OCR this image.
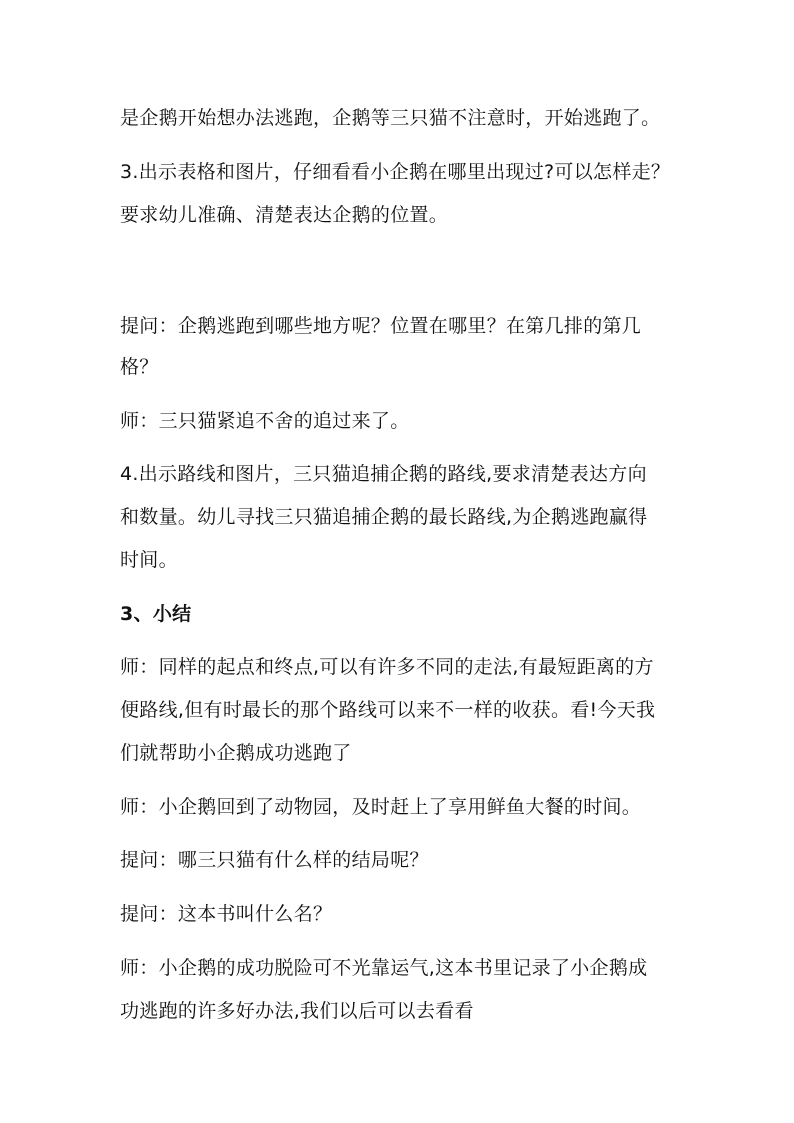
是企鹅开始想办法逃跑，企鹅等三只猫不注意时，开始逃跑了。
3.出示表格和图片，仔细看看小企鹅在哪里出现过?可以怎样走？
要求幼儿准确、清楚表达企鹅的位置。
提问：企鹅逃跑到哪些地方呢？位置在哪里？在第几排的第几
格？
师：三只猫紧追不舍的追过来了。
4.出示路线和图片，三只猫追捕企鹅的路线,要求清楚表达方向
和数量。幼儿寻找三只猫追捕企鹅的最长路线,为企鹅逃跑赢得
时间。
3、小结
师：同样的起点和终点,可以有许多不同的走法,有最短距离的方
便路线,但有时最长的那个路线可以来不一样的收获。看!今天我
们就帮助小企鹅成功逃跑了
师：小企鹅回到了动物园，及时赶上了享用鲜鱼大餐的时间。
提问：哪三只猫有什么样的结局呢？
提问：这本书叫什么名？
师：小企鹅的成功脱险可不光靠运气,这本书里记录了小企鹅成
功逃跑的许多好办法,我们以后可以去看看
